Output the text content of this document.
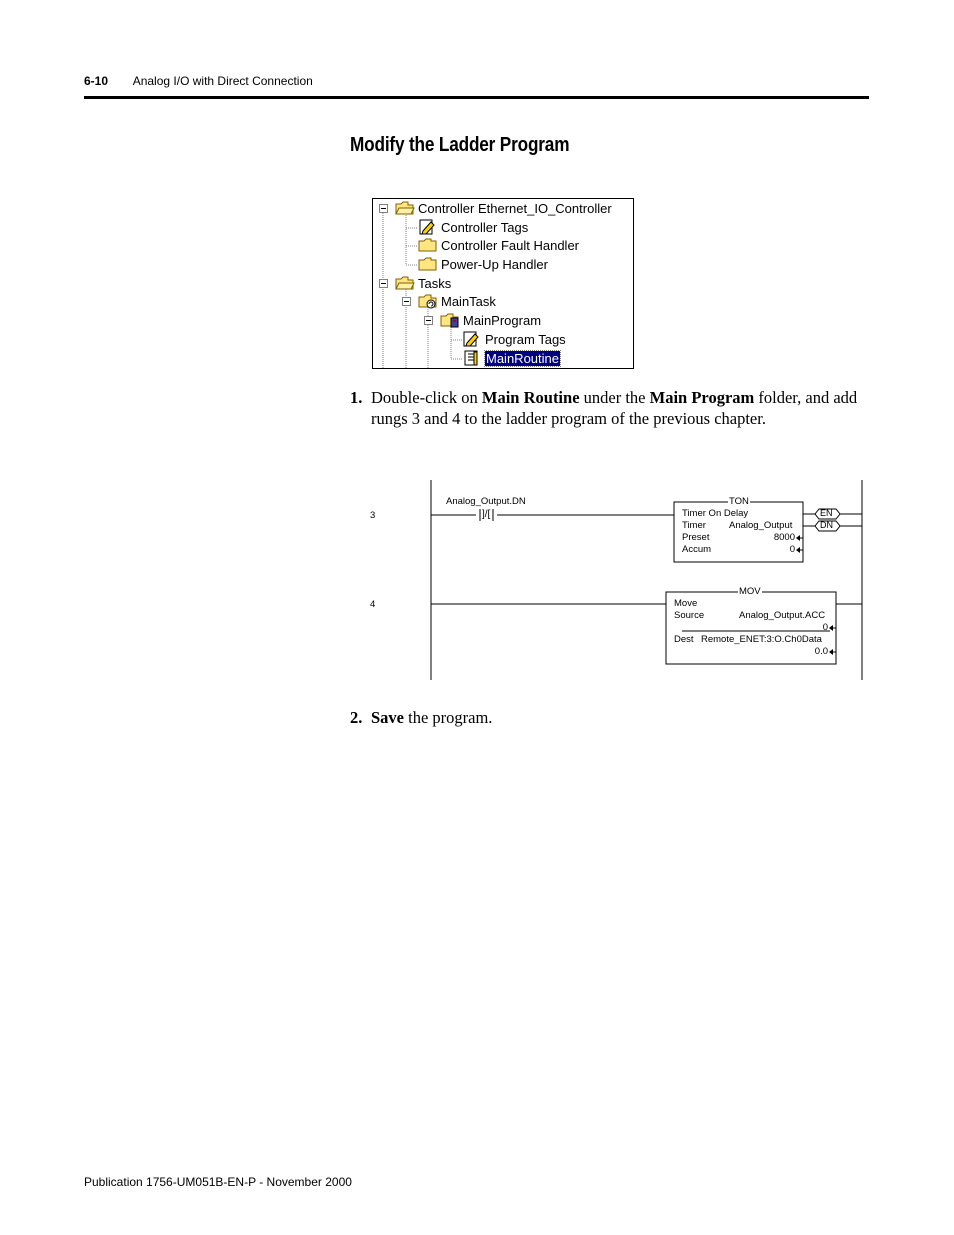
6-10 Analog I/O with Direct Connection
Modify the Ladder Program
Controller Ethernet_IO_Controller
Controller Tags
Controller Fault Handler
Power-Up Handler
Tasks
MainTask
MainProgram
Program Tags
MainRoutine
1. Double-click on Main Routine under the Main Program folder, and add rungs 3 and 4 to the ladder program of the previous chapter.
3
Analog_Output.DN
]/[
TON
Timer On Delay
Timer Analog_Output
Preset	8000
Accum	0
EN
DN
4
MOV
Move
Source	Analog_Output.ACC
0
Dest Remote_ENET:3:O.Ch0Data
0.0
2. Save the program.
Publication 1756-UM051B-EN-P - November 2000
